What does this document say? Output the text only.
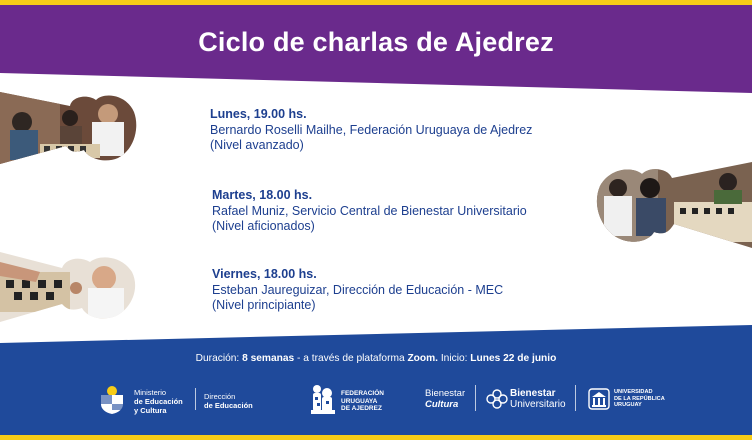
Ciclo de charlas de Ajedrez
Lunes, 19.00 hs.
Bernardo Roselli Mailhe, Federación Uruguaya de Ajedrez
(Nivel avanzado)
Martes, 18.00 hs.
Rafael Muniz, Servicio Central de Bienestar Universitario
(Nivel aficionados)
Viernes, 18.00 hs.
Esteban Jaureguizar, Dirección de Educación - MEC
(Nivel principiante)
Duración: 8 semanas - a través de plataforma Zoom. Inicio: Lunes 22 de junio
Ministerio
de Educación
y Cultura
Dirección
de Educación
FEDERACIÓN
URUGUAYA
DE AJEDREZ
Bienestar
Cultura
Bienestar
Universitario
UNIVERSIDAD
DE LA REPÚBLICA
URUGUAY
